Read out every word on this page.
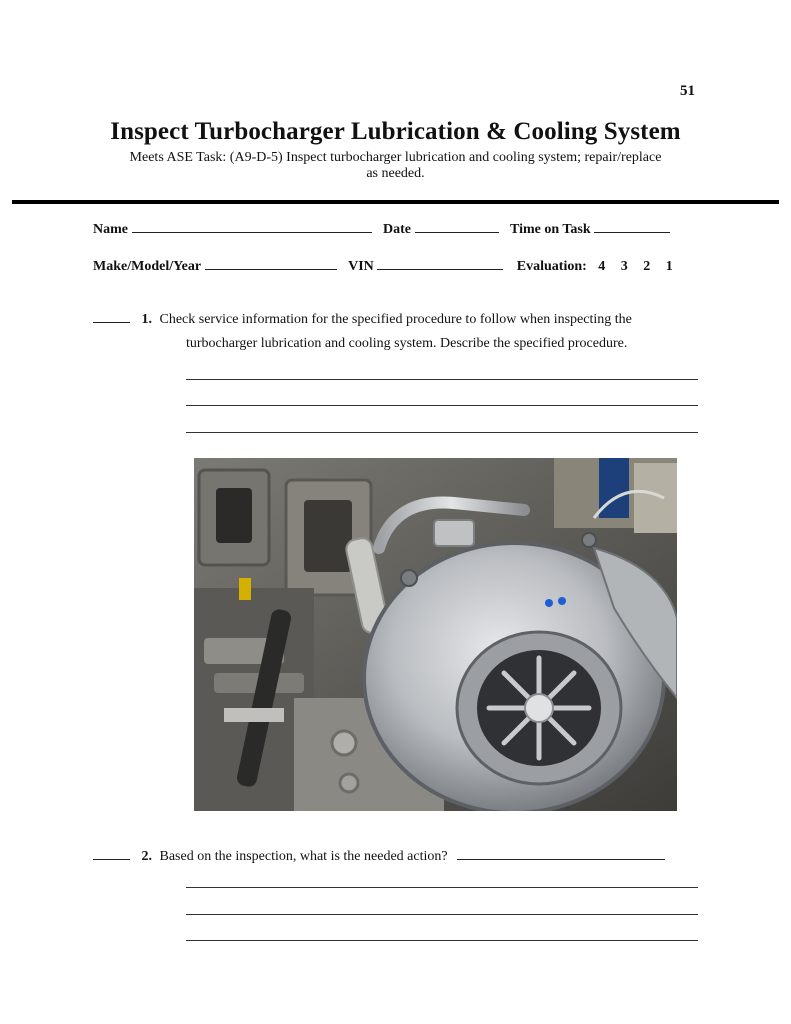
51
Inspect Turbocharger Lubrication & Cooling System
Meets ASE Task: (A9-D-5) Inspect turbocharger lubrication and cooling system; repair/replace
as needed.
Name	Date	Time on Task
Make/Model/Year	VIN	Evaluation: 4 3 2 1
1. Check service information for the specified procedure to follow when inspecting the
turbocharger lubrication and cooling system. Describe the specified procedure.
2. Based on the inspection, what is the needed action?
